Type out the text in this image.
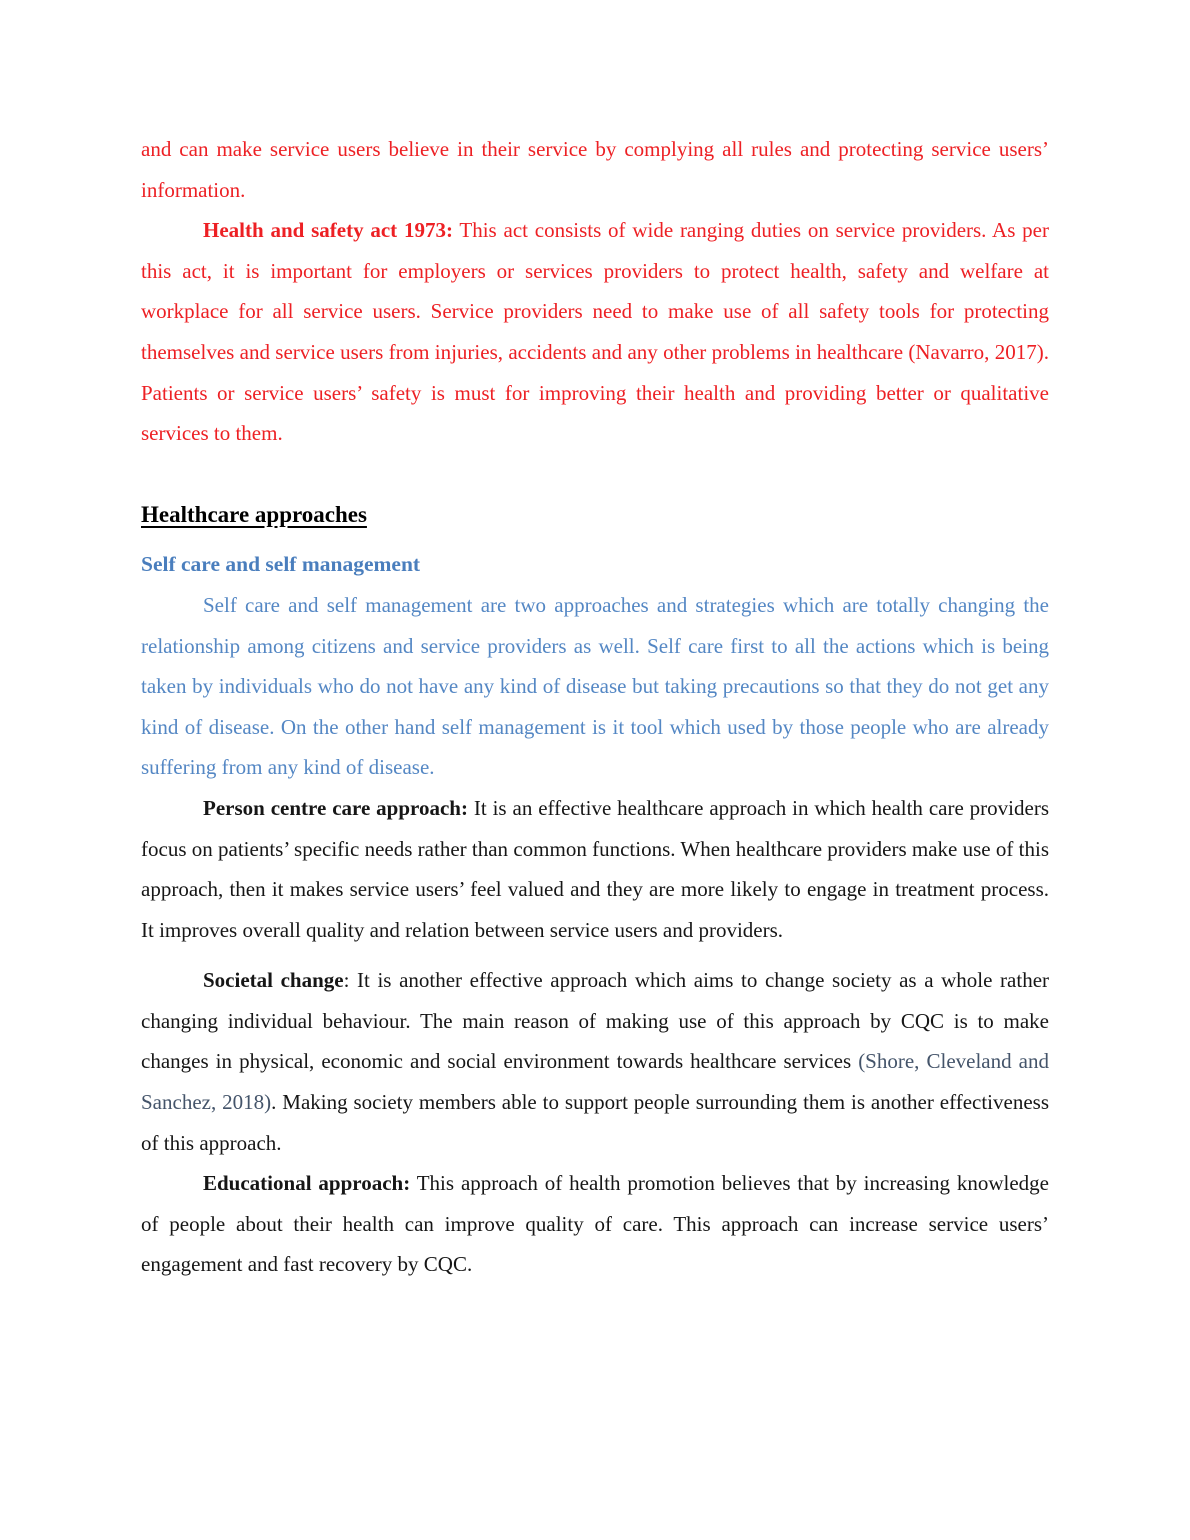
and can make service users believe in their service by complying all rules and protecting service users’ information.

Health and safety act 1973: This act consists of wide ranging duties on service providers. As per this act, it is important for employers or services providers to protect health, safety and welfare at workplace for all service users. Service providers need to make use of all safety tools for protecting themselves and service users from injuries, accidents and any other problems in healthcare (Navarro, 2017). Patients or service users’ safety is must for improving their health and providing better or qualitative services to them.

Healthcare approaches
Self care and self management

Self care and self management are two approaches and strategies which are totally changing the relationship among citizens and service providers as well. Self care first to all the actions which is being taken by individuals who do not have any kind of disease but taking precautions so that they do not get any kind of disease. On the other hand self management is it tool which used by those people who are already suffering from any kind of disease.

Person centre care approach: It is an effective healthcare approach in which health care providers focus on patients’ specific needs rather than common functions. When healthcare providers make use of this approach, then it makes service users’ feel valued and they are more likely to engage in treatment process. It improves overall quality and relation between service users and providers.

Societal change: It is another effective approach which aims to change society as a whole rather changing individual behaviour. The main reason of making use of this approach by CQC is to make changes in physical, economic and social environment towards healthcare services (Shore, Cleveland and Sanchez, 2018). Making society members able to support people surrounding them is another effectiveness of this approach.

Educational approach: This approach of health promotion believes that by increasing knowledge of people about their health can improve quality of care. This approach can increase service users’ engagement and fast recovery by CQC.
